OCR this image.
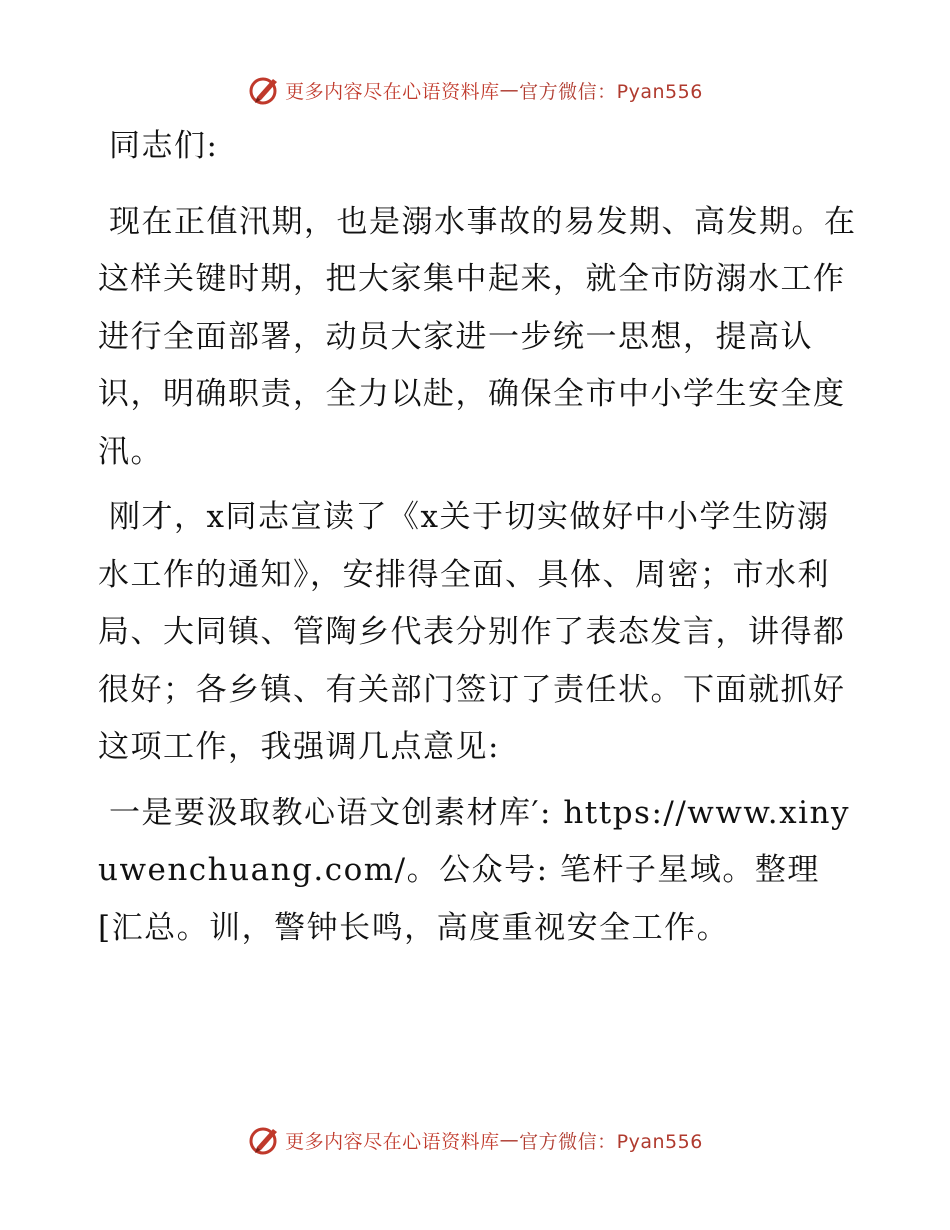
更多内容尽在心语资料库 — 官方微信：Pyan556

同志们:

现在正值汛期，也是溺水事故的易发期、高发期。在这样关键时期，把大家集中起来，就全市防溺水工作进行全面部署，动员大家进一步统一思想，提高认识，明确职责，全力以赴，确保全市中小学生安全度汛。

刚才，x同志宣读了《x关于切实做好中小学生防溺水工作的通知》，安排得全面、具体、周密；市水利局、大同镇、管陶乡代表分别作了表态发言，讲得都很好；各乡镇、有关部门签订了责任状。下面就抓好这项工作，我强调几点意见:

一是要汲取教心语文创素材库′: https://www.xinyuwenchuang.com/。公众号: 笔杆子星域。整理[汇总。训，警钟长鸣，高度重视安全工作。

更多内容尽在心语资料库 — 官方微信：Pyan556
